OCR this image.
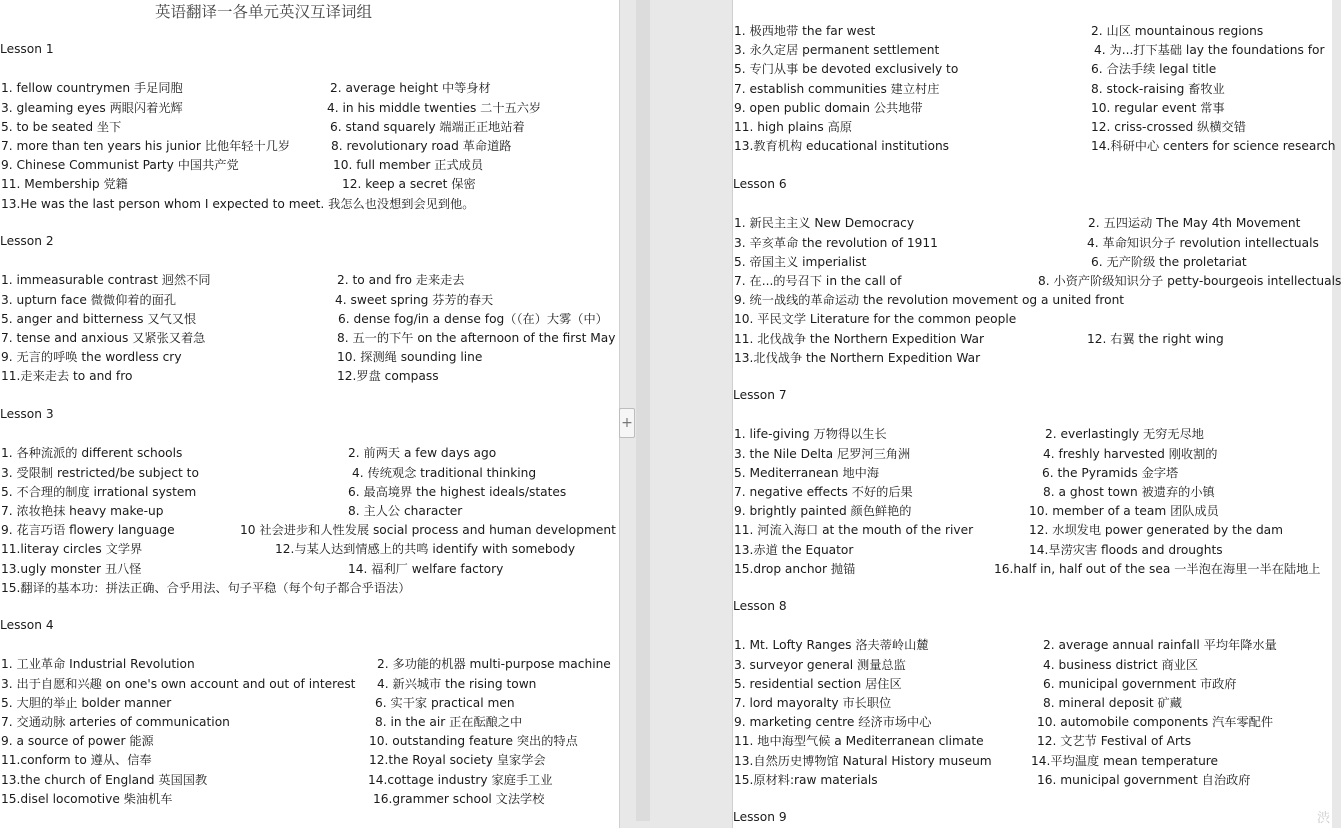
英语翻译一各单元英汉互译词组
Lesson 1
1. fellow countrymen 手足同胞	2. average height 中等身材
3. gleaming eyes 两眼闪着光辉	4. in his middle twenties 二十五六岁
5. to be seated 坐下	6. stand squarely 端端正正地站着
7. more than ten years his junior 比他年轻十几岁	8. revolutionary road 革命道路
9. Chinese Communist Party 中国共产党	10. full member 正式成员
11. Membership 党籍	12. keep a secret 保密
13.He was the last person whom I expected to meet. 我怎么也没想到会见到他。
Lesson 2
1. immeasurable contrast 迥然不同	2. to and fro 走来走去
3. upturn face 微微仰着的面孔	4. sweet spring 芬芳的春天
5. anger and bitterness 又气又恨	6. dense fog/in a dense fog（（在）大雾（中）
7. tense and anxious 又紧张又着急	8. 五一的下午 on the afternoon of the first May
9. 无言的呼唤 the wordless cry	10. 探测绳 sounding line
11.走来走去 to and fro	12.罗盘 compass
Lesson 3
1. 各种流派的 different schools	2. 前两天 a few days ago
3. 受限制 restricted/be subject to	4. 传统观念 traditional thinking
5. 不合理的制度 irrational system	6. 最高境界 the highest ideals/states
7. 浓妆艳抹 heavy make-up	8. 主人公 character
9. 花言巧语 flowery language	10 社会进步和人性发展 social process and human development
11.literay circles 文学界	12.与某人达到情感上的共鸣 identify with somebody
13.ugly monster 丑八怪	14. 福利厂 welfare factory
15.翻译的基本功：拼法正确、合乎用法、句子平稳（每个句子都合乎语法）
Lesson 4
1. 工业革命 Industrial Revolution	2. 多功能的机器 multi-purpose machine
3. 出于自愿和兴趣 on one's own account and out of interest 4. 新兴城市 the rising town
5. 大胆的举止 bolder manner	6. 实干家 practical men
7. 交通动脉 arteries of communication	8. in the air 正在酝酿之中
9. a source of power 能源	10. outstanding feature 突出的特点
11.conform to 遵从、信奉	12.the Royal society 皇家学会
13.the church of England 英国国教	14.cottage industry 家庭手工业
15.disel locomotive 柴油机车	16.grammer school 文法学校
+
1. 极西地带 the far west	2. 山区 mountainous regions
3. 永久定居 permanent settlement	4. 为...打下基础 lay the foundations for
5. 专门从事 be devoted exclusively to	6. 合法手续 legal title
7. establish communities 建立村庄	8. stock-raising 畜牧业
9. open public domain 公共地带	10. regular event 常事
11. high plains 高原	12. criss-crossed 纵横交错
13.教育机构 educational institutions	14.科研中心 centers for science research
Lesson 6
1. 新民主主义 New Democracy	2. 五四运动 The May 4th Movement
3. 辛亥革命 the revolution of 1911	4. 革命知识分子 revolution intellectuals
5. 帝国主义 imperialist	6. 无产阶级 the proletariat
7. 在...的号召下 in the call of	8. 小资产阶级知识分子 petty-bourgeois intellectuals
9. 统一战线的革命运动 the revolution movement og a united front
10. 平民文学 Literature for the common people
11. 北伐战争 the Northern Expedition War	12. 右翼 the right wing
13.北伐战争 the Northern Expedition War
Lesson 7
1. life-giving 万物得以生长	2. everlastingly 无穷无尽地
3. the Nile Delta 尼罗河三角洲	4. freshly harvested 刚收割的
5. Mediterranean 地中海	6. the Pyramids 金字塔
7. negative effects 不好的后果	8. a ghost town 被遗弃的小镇
9. brightly painted 颜色鲜艳的	10. member of a team 团队成员
11. 河流入海口 at the mouth of the river	12. 水坝发电 power generated by the dam
13.赤道 the Equator	14.旱涝灾害 floods and droughts
15.drop anchor 抛锚	16.half in, half out of the sea 一半泡在海里一半在陆地上
Lesson 8
1. Mt. Lofty Ranges 洛夫蒂岭山麓	2. average annual rainfall 平均年降水量
3. surveyor general 测量总监	4. business district 商业区
5. residential section 居住区	6. municipal government 市政府
7. lord mayoralty 市长职位	8. mineral deposit 矿藏
9. marketing centre 经济市场中心	10. automobile components 汽车零配件
11. 地中海型气候 a Mediterranean climate	12. 文艺节 Festival of Arts
13.自然历史博物馆 Natural History museum	14.平均温度 mean temperature
15.原材料:raw materials	16. municipal government 自治政府
Lesson 9	渋
